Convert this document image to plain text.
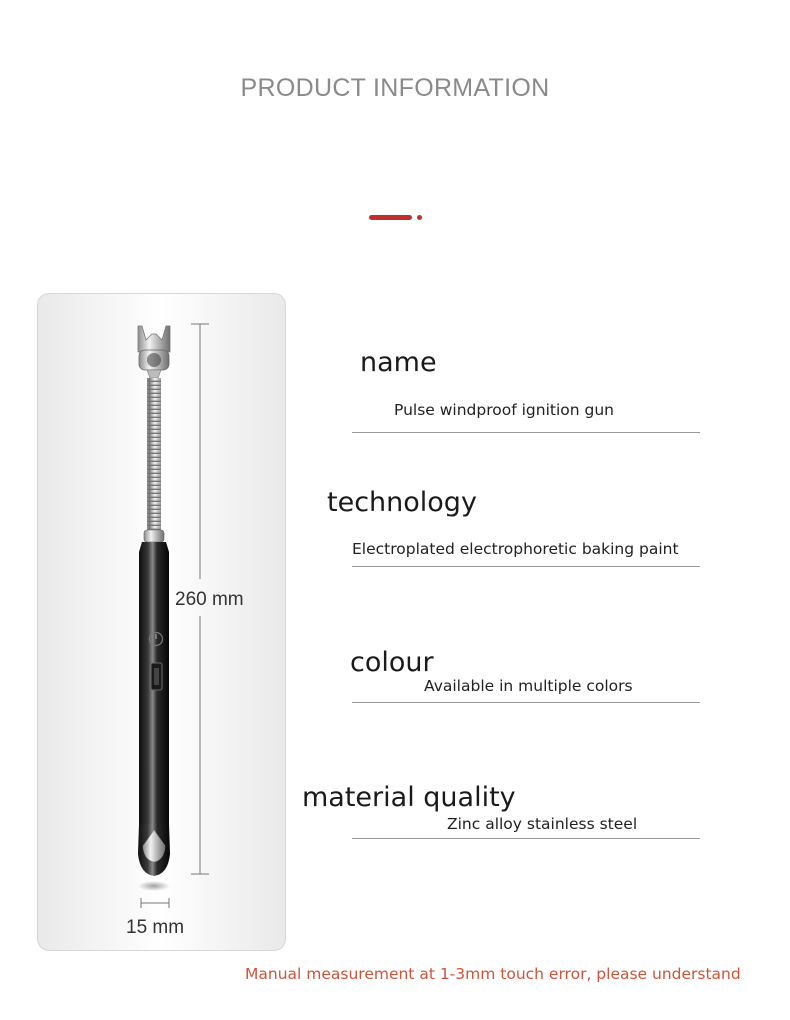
PRODUCT INFORMATION
260 mm
15 mm
name
Pulse windproof ignition gun
technology
Electroplated electrophoretic baking paint
colour
Available in multiple colors
material quality
Zinc alloy stainless steel
Manual measurement at 1-3mm touch error, please understand
